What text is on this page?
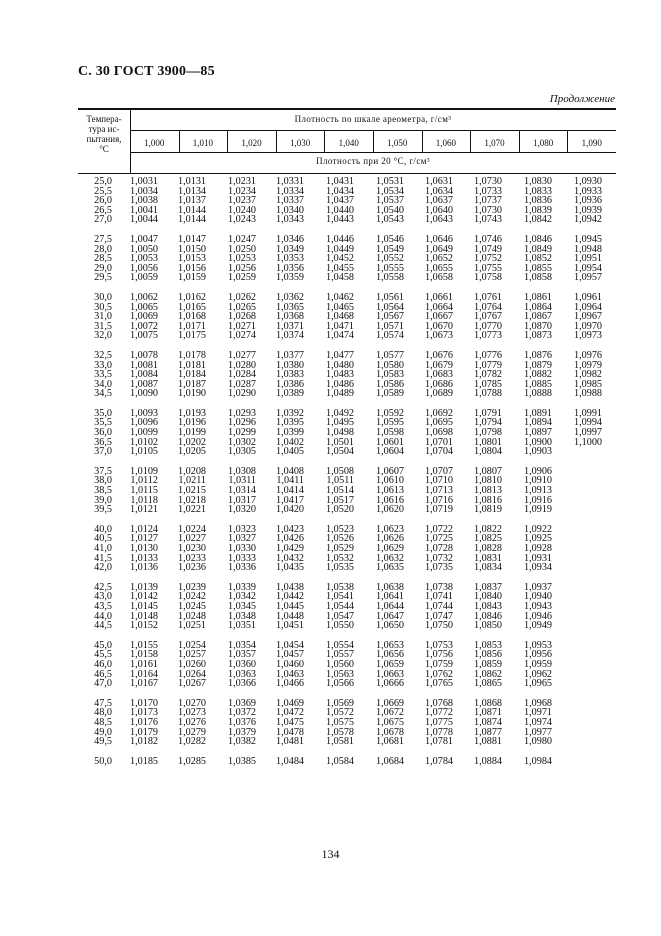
С. 30 ГОСТ 3900—85
Продолжение
Темпера-
тура ис-
пытания,
°С
Плотность по шкале ареометра, г/см³
Плотность при 20 °С, г/см³
1,000	1,010	1,020	1,030	1,040	1,050	1,060	1,070	1,080	1,090
25,0	1,0031	1,0131	1,0231	1,0331	1,0431	1,0531	1,0631	1,0730	1,0830	1,0930
25,5	1,0034	1,0134	1,0234	1,0334	1,0434	1,0534	1,0634	1,0733	1,0833	1,0933
26,0	1,0038	1,0137	1,0237	1,0337	1,0437	1,0537	1,0637	1,0737	1,0836	1,0936
26,5	1,0041	1,0144	1,0240	1,0340	1,0440	1,0540	1,0640	1,0730	1,0839	1,0939
27,0	1,0044	1,0144	1,0243	1,0343	1,0443	1,0543	1,0643	1,0743	1,0842	1,0942
27,5	1,0047	1,0147	1,0247	1,0346	1,0446	1,0546	1,0646	1,0746	1,0846	1,0945
28,0	1,0050	1,0150	1,0250	1,0349	1,0449	1,0549	1,0649	1,0749	1,0849	1,0948
28,5	1,0053	1,0153	1,0253	1,0353	1,0452	1,0552	1,0652	1,0752	1,0852	1,0951
29,0	1,0056	1,0156	1,0256	1,0356	1,0455	1,0555	1,0655	1,0755	1,0855	1,0954
29,5	1,0059	1,0159	1,0259	1,0359	1,0458	1,0558	1,0658	1,0758	1,0858	1,0957
30,0	1,0062	1,0162	1,0262	1,0362	1,0462	1,0561	1,0661	1,0761	1,0861	1,0961
30,5	1,0065	1,0165	1,0265	1,0365	1,0465	1,0564	1,0664	1,0764	1,0864	1,0964
31,0	1,0069	1,0168	1,0268	1,0368	1,0468	1,0567	1,0667	1,0767	1,0867	1,0967
31,5	1,0072	1,0171	1,0271	1,0371	1,0471	1,0571	1,0670	1,0770	1,0870	1,0970
32,0	1,0075	1,0175	1,0274	1,0374	1,0474	1,0574	1,0673	1,0773	1,0873	1,0973
32,5	1,0078	1,0178	1,0277	1,0377	1,0477	1,0577	1,0676	1,0776	1,0876	1,0976
33,0	1,0081	1,0181	1,0280	1,0380	1,0480	1,0580	1,0679	1,0779	1,0879	1,0979
33,5	1,0084	1,0184	1,0284	1,0383	1,0483	1,0583	1,0683	1,0782	1,0882	1,0982
34,0	1,0087	1,0187	1,0287	1,0386	1,0486	1,0586	1,0686	1,0785	1,0885	1,0985
34,5	1,0090	1,0190	1,0290	1,0389	1,0489	1,0589	1,0689	1,0788	1,0888	1,0988
35,0	1,0093	1,0193	1,0293	1,0392	1,0492	1,0592	1,0692	1,0791	1,0891	1,0991
35,5	1,0096	1,0196	1,0296	1,0395	1,0495	1,0595	1,0695	1,0794	1,0894	1,0994
36,0	1,0099	1,0199	1,0299	1,0399	1,0498	1,0598	1,0698	1,0798	1,0897	1,0997
36,5	1,0102	1,0202	1,0302	1,0402	1,0501	1,0601	1,0701	1,0801	1,0900	1,1000
37,0	1,0105	1,0205	1,0305	1,0405	1,0504	1,0604	1,0704	1,0804	1,0903
37,5	1,0109	1,0208	1,0308	1,0408	1,0508	1,0607	1,0707	1,0807	1,0906
38,0	1,0112	1,0211	1,0311	1,0411	1,0511	1,0610	1,0710	1,0810	1,0910
38,5	1,0115	1,0215	1,0314	1,0414	1,0514	1,0613	1,0713	1,0813	1,0913
39,0	1,0118	1,0218	1,0317	1,0417	1,0517	1,0616	1,0716	1,0816	1,0916
39,5	1,0121	1,0221	1,0320	1,0420	1,0520	1,0620	1,0719	1,0819	1,0919
40,0	1,0124	1,0224	1,0323	1,0423	1,0523	1,0623	1,0722	1,0822	1,0922
40,5	1,0127	1,0227	1,0327	1,0426	1,0526	1,0626	1,0725	1,0825	1,0925
41,0	1,0130	1,0230	1,0330	1,0429	1,0529	1,0629	1,0728	1,0828	1,0928
41,5	1,0133	1,0233	1,0333	1,0432	1,0532	1,0632	1,0732	1,0831	1,0931
42,0	1,0136	1,0236	1,0336	1,0435	1,0535	1,0635	1,0735	1,0834	1,0934
42,5	1,0139	1,0239	1,0339	1,0438	1,0538	1,0638	1,0738	1,0837	1,0937
43,0	1,0142	1,0242	1,0342	1,0442	1,0541	1,0641	1,0741	1,0840	1,0940
43,5	1,0145	1,0245	1,0345	1,0445	1,0544	1,0644	1,0744	1,0843	1,0943
44,0	1,0148	1,0248	1,0348	1,0448	1,0547	1,0647	1,0747	1,0846	1,0946
44,5	1,0152	1,0251	1,0351	1,0451	1,0550	1,0650	1,0750	1,0850	1,0949
45,0	1,0155	1,0254	1,0354	1,0454	1,0554	1,0653	1,0753	1,0853	1,0953
45,5	1,0158	1,0257	1,0357	1,0457	1,0557	1,0656	1,0756	1,0856	1,0956
46,0	1,0161	1,0260	1,0360	1,0460	1,0560	1,0659	1,0759	1,0859	1,0959
46,5	1,0164	1,0264	1,0363	1,0463	1,0563	1,0663	1,0762	1,0862	1,0962
47,0	1,0167	1,0267	1,0366	1,0466	1,0566	1,0666	1,0765	1,0865	1,0965
47,5	1,0170	1,0270	1,0369	1,0469	1,0569	1,0669	1,0768	1,0868	1,0968
48,0	1,0173	1,0273	1,0372	1,0472	1,0572	1,0672	1,0772	1,0871	1,0971
48,5	1,0176	1,0276	1,0376	1,0475	1,0575	1,0675	1,0775	1,0874	1,0974
49,0	1,0179	1,0279	1,0379	1,0478	1,0578	1,0678	1,0778	1,0877	1,0977
49,5	1,0182	1,0282	1,0382	1,0481	1,0581	1,0681	1,0781	1,0881	1,0980
50,0	1,0185	1,0285	1,0385	1,0484	1,0584	1,0684	1,0784	1,0884	1,0984
134
